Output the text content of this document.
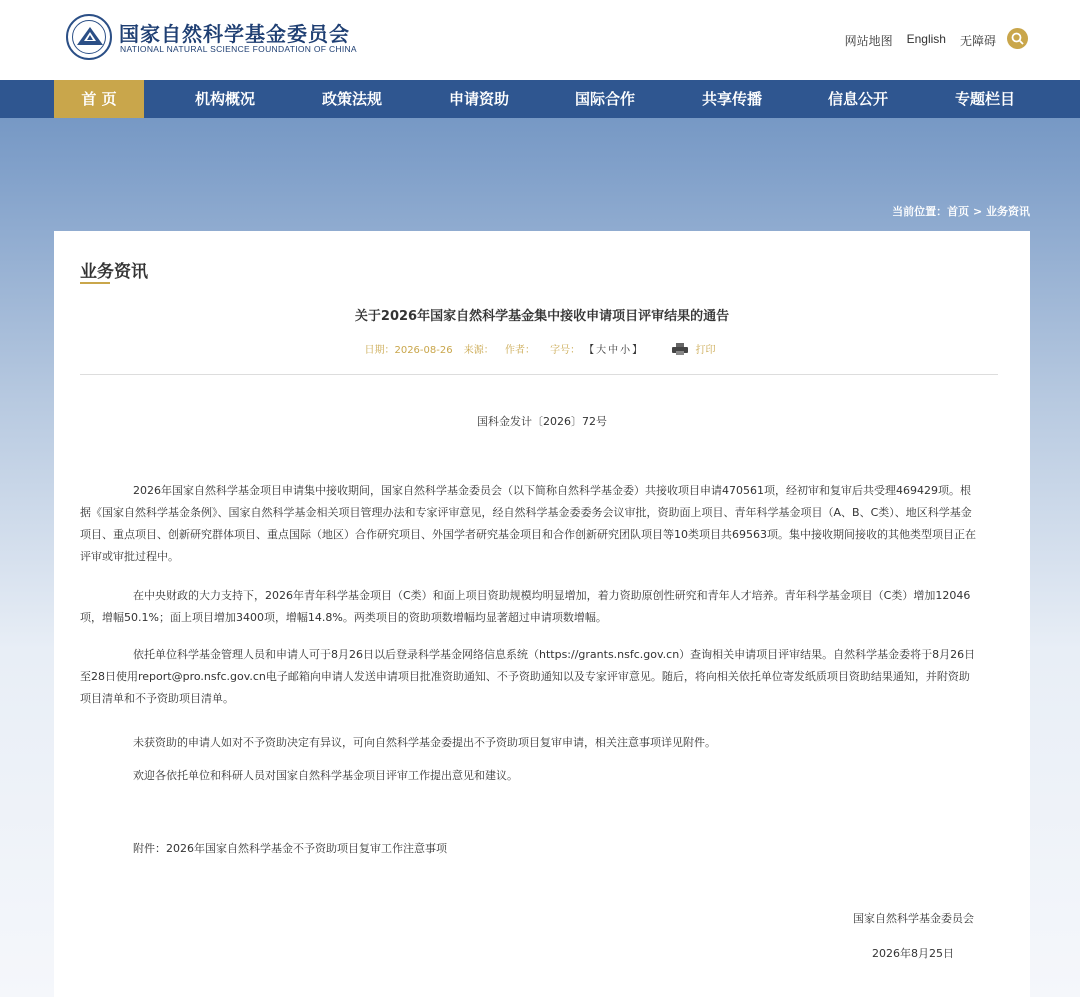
国家自然科学基金委员会
NATIONAL NATURAL SCIENCE FOUNDATION OF CHINA
网站地图 English 无障碍
首 页	机构概况	政策法规	申请资助	国际合作	共享传播	信息公开	专题栏目
当前位置：首页 > 业务资讯
业务资讯
关于2026年国家自然科学基金集中接收申请项目评审结果的通告
日期：2026-08-26 来源： 作者： 字号： 【 大 中 小 】	打印
国科金发计〔2026〕72号
2026年国家自然科学基金项目申请集中接收期间，国家自然科学基金委员会（以下简称自然科学基金委）共接收项目申请470561项，经初审和复审后共受理469429项。根据《国家自然科学基金条例》、国家自然科学基金相关项目管理办法和专家评审意见，经自然科学基金委委务会议审批，资助面上项目、青年科学基金项目（A、B、C类）、地区科学基金项目、重点项目、创新研究群体项目、重点国际（地区）合作研究项目、外国学者研究基金项目和合作创新研究团队项目等10类项目共69563项。集中接收期间接收的其他类型项目正在评审或审批过程中。
在中央财政的大力支持下，2026年青年科学基金项目（C类）和面上项目资助规模均明显增加，着力资助原创性研究和青年人才培养。青年科学基金项目（C类）增加12046项，增幅50.1%；面上项目增加3400项，增幅14.8%。两类项目的资助项数增幅均显著超过申请项数增幅。
依托单位科学基金管理人员和申请人可于8月26日以后登录科学基金网络信息系统（https://grants.nsfc.gov.cn）查询相关申请项目评审结果。自然科学基金委将于8月26日至28日使用report@pro.nsfc.gov.cn电子邮箱向申请人发送申请项目批准资助通知、不予资助通知以及专家评审意见。随后，将向相关依托单位寄发纸质项目资助结果通知，并附资助项目清单和不予资助项目清单。
未获资助的申请人如对不予资助决定有异议，可向自然科学基金委提出不予资助项目复审申请，相关注意事项详见附件。
欢迎各依托单位和科研人员对国家自然科学基金项目评审工作提出意见和建议。
附件：2026年国家自然科学基金不予资助项目复审工作注意事项
国家自然科学基金委员会
2026年8月25日
